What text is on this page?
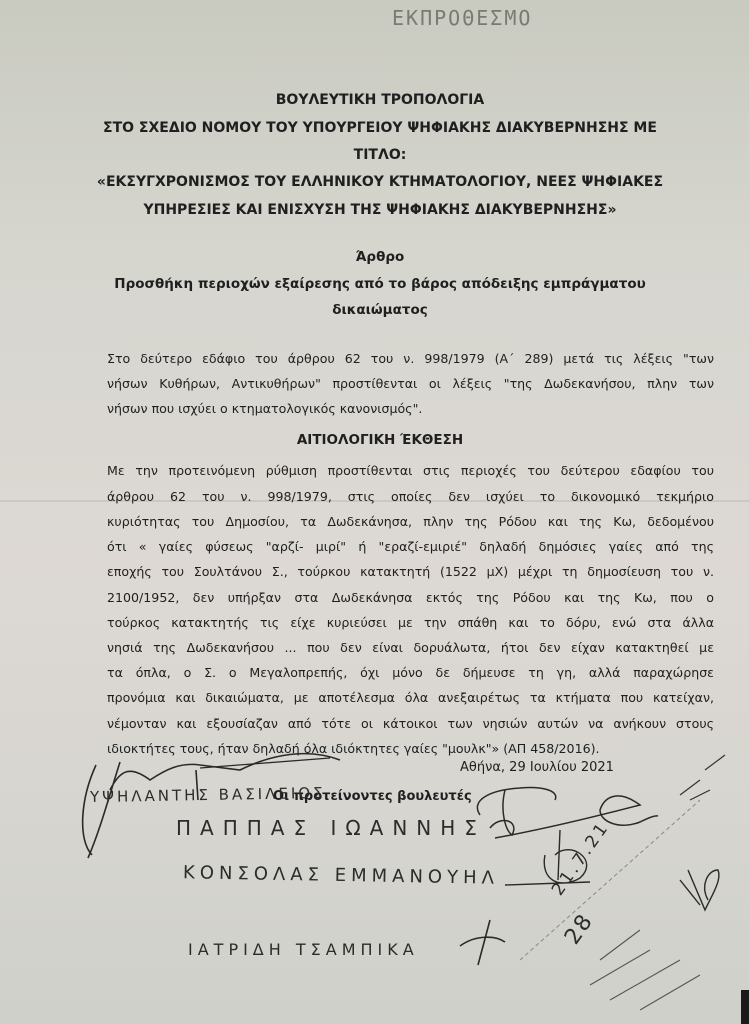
ΕΚΠΡΟΘΕΣΜΟ
ΒΟΥΛΕΥΤΙΚΗ ΤΡΟΠΟΛΟΓΙΑ
ΣΤΟ ΣΧΕΔΙΟ ΝΟΜΟΥ ΤΟΥ ΥΠΟΥΡΓΕΙΟΥ ΨΗΦΙΑΚΗΣ ΔΙΑΚΥΒΕΡΝΗΣΗΣ ΜΕ
ΤΙΤΛΟ:
«ΕΚΣΥΓΧΡΟΝΙΣΜΟΣ ΤΟΥ ΕΛΛΗΝΙΚΟΥ ΚΤΗΜΑΤΟΛΟΓΙΟΥ, ΝΕΕΣ ΨΗΦΙΑΚΕΣ
ΥΠΗΡΕΣΙΕΣ ΚΑΙ ΕΝΙΣΧΥΣΗ ΤΗΣ ΨΗΦΙΑΚΗΣ ΔΙΑΚΥΒΕΡΝΗΣΗΣ»
Άρθρο
Προσθήκη περιοχών εξαίρεσης από το βάρος απόδειξης εμπράγματου
δικαιώματος
Στο δεύτερο εδάφιο του άρθρου 62 του ν. 998/1979 (Α΄ 289) μετά τις λέξεις "των
νήσων Κυθήρων, Αντικυθήρων" προστίθενται οι λέξεις "της Δωδεκανήσου, πλην των
νήσων που ισχύει ο κτηματολογικός κανονισμός".
ΑΙΤΙΟΛΟΓΙΚΗ ΈΚΘΕΣΗ
Με την προτεινόμενη ρύθμιση προστίθενται στις περιοχές του δεύτερου εδαφίου του
άρθρου 62 του ν. 998/1979, στις οποίες δεν ισχύει το δικονομικό τεκμήριο
κυριότητας του Δημοσίου, τα Δωδεκάνησα, πλην της Ρόδου και της Κω, δεδομένου
ότι « γαίες φύσεως "αρζί- μιρί" ή "εραζί-εμιριέ" δηλαδή δημόσιες γαίες από της
εποχής του Σουλτάνου Σ., τούρκου κατακτητή (1522 μΧ) μέχρι τη δημοσίευση του ν.
2100/1952, δεν υπήρξαν στα Δωδεκάνησα εκτός της Ρόδου και της Κω, που ο
τούρκος κατακτητής τις είχε κυριεύσει με την σπάθη και το δόρυ, ενώ στα άλλα
νησιά της Δωδεκανήσου ... που δεν είναι δορυάλωτα, ήτοι δεν είχαν κατακτηθεί με
τα όπλα, ο Σ. ο Μεγαλοπρεπής, όχι μόνο δε δήμευσε τη γη, αλλά παραχώρησε
προνόμια και δικαιώματα, με αποτέλεσμα όλα ανεξαιρέτως τα κτήματα που κατείχαν,
νέμονταν και εξουσίαζαν από τότε οι κάτοικοι των νησιών αυτών να ανήκουν στους
ιδιοκτήτες τους, ήταν δηλαδή όλα ιδιόκτητες γαίες "μουλκ"» (ΑΠ 458/2016).
Αθήνα, 29 Ιουλίου 2021
Οι προτείνοντες βουλευτές
ΥΨΗΛΑΝΤΗΣ ΒΑΣΙΛΕΙΟΣ
ΠΑΠΠΑΣ ΙΩΑΝΝΗΣ
ΚΟΝΣΟΛΑΣ ΕΜΜΑΝΟΥΗΛ
ΙΑΤΡΙΔΗ ΤΣΑΜΠΙΚΑ
21.7.21
28
